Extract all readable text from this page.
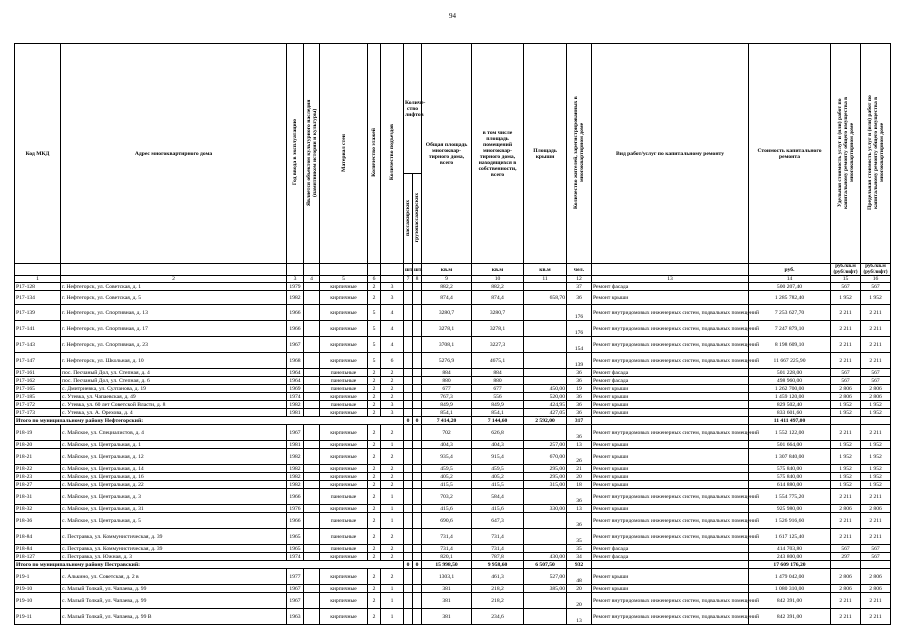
94
Код МКД	Адрес многоквартирного дома	Год ввода в эксплуатацию	Является объектом культурного наследия (памятником истории и культуры)	Материал стен	Количество этажей	Количество подъездов	Количе-ство лифтов		Общая площадь многоквар-тирного дома, всего	в том числе площадь помещений многоквар-тирного дома, находящихся в собственности, всего	Площадь крыши	Количество жителей, зарегистрированных в многоквартирном доме	Вид работ/услуг по капитальному ремонту	Стоимость капитального ремонта	Удельная стоимость услуг и (или) работ по капитальному ремонту общего имущества в многоквартирном доме	Предельная стоимость услуг и (или) работ по капитальному ремонту общего имущества в многоквартирном доме
							пассажирских	грузопассажирских								
							шт.	шт.	кв.м	кв.м	кв.м	чел.		руб.	руб./кв.м (руб/лифт)	руб./кв.м (руб/лифт)
1	2	3	4	5	6		7	8	9	10	11	12	13	14	15	16
Р17-128	г. Нефтегорск, ул. Советская, д. 1	1979		кирпичные	2	3			882,2	882,2		37	Ремонт фасада	500 207,40	567	567
Р17-134	г. Нефтегорск, ул. Советская, д. 5	1982		кирпичные	2	3			874,4	874,4	658,70	36	Ремонт крыши	1 285 782,40	1 952	1 952
Р17-139	г. Нефтегорск, ул. Спортивная, д. 13	1966		кирпичные	5	4			3280,7	3280,7		176	Ремонт внутридомовых инженерных систем, подвальных помещений	7 253 627,70	2 211	2 211
Р17-141	г. Нефтегорск, ул. Спортивная, д. 17	1966		кирпичные	5	4			3278,1	3278,1		176	Ремонт внутридомовых инженерных систем, подвальных помещений	7 247 879,10	2 211	2 211
Р17-143	г. Нефтегорск, ул. Спортивная, д. 23	1967		кирпичные	5	4			3708,1	3227,3		154	Ремонт внутридомовых инженерных систем, подвальных помещений	8 198 609,10	2 211	2 211
Р17-147	г. Нефтегорск, ул. Школьная, д. 10	1968		кирпичные	5	6			5276,9	4675,1		139	Ремонт внутридомовых инженерных систем, подвальных помещений	11 667 225,90	2 211	2 211
Р17-161	пос. Песчаный Дол, ул. Степная, д. 4	1964		панельные	2	2			884	884		36	Ремонт фасада	501 228,00	567	567
Р17-162	пос. Песчаный Дол, ул. Степная, д. 6	1964		панельные	2	2			880	880		36	Ремонт фасада	498 960,00	567	567
Р17-165	с. Дмитриевка, ул. Султанова, д. 19	1969		панельные	2	2			677	677	450,00	19	Ремонт крыши	1 262 700,00	2 806	2 806
Р17-185	с. Утевка, ул. Чапаевская, д. 49	1974		кирпичные	2	2			767,3	556	520,00	36	Ремонт крыши	1 459 120,00	2 806	2 806
Р17-172	с. Утевка, ул. 60 лет Советской Власти, д. 8	1982		панельные	2	3			849,9	849,9	424,95	36	Ремонт крыши	829 502,40	1 952	1 952
Р17-173	с. Утевка, ул. А. Орехова, д. 4	1981		кирпичные	2	3			854,1	854,1	427,05	36	Ремонт крыши	833 601,60	1 952	1 952
Итого по муниципальному району Нефтегорский:							0	0	7 414,20	7 144,60	2 592,00	317		11 411 497,00		
Р18-19	с. Майское, ул. Специалистов, д. 4	1967		кирпичные	2	2			702	626,8		36	Ремонт внутридомовых инженерных систем, подвальных помещений	1 552 122,00	2 211	2 211
Р18-20	с. Майское, ул. Центральная, д. 1	1981		кирпичные	2	1			404,3	404,3	257,00	13	Ремонт крыши	501 664,00	1 952	1 952
Р18-21	с. Майское, ул. Центральная, д. 12	1982		кирпичные	2	2			935,4	915,4	670,00	26	Ремонт крыши	1 307 840,00	1 952	1 952
Р18-22	с. Майское, ул. Центральная, д. 14	1982		кирпичные	2	2			459,5	459,5	295,00	21	Ремонт крыши	575 840,00	1 952	1 952
Р18-23	с. Майское, ул. Центральная, д. 16	1982		кирпичные	2	2			405,2	405,2	295,00	20	Ремонт крыши	575 840,00	1 952	1 952
Р18-27	с. Майское, ул. Центральная, д. 22	1982		кирпичные	2	2			415,5	415,5	315,00	18	Ремонт крыши	614 880,00	1 952	1 952
Р18-31	с. Майское, ул. Центральная, д. 3	1966		панельные	2	1			703,2	584,4		36	Ремонт внутридомовых инженерных систем, подвальных помещений	1 554 775,20	2 211	2 211
Р18-32	с. Майское, ул. Центральная, д. 31	1976		кирпичные	2	1			415,6	415,6	330,00	13	Ремонт крыши	925 980,00	2 806	2 806
Р18-36	с. Майское, ул. Центральная, д. 5	1966		панельные	2	1			690,6	647,3		36	Ремонт внутридомовых инженерных систем, подвальных помещений	1 526 916,60	2 211	2 211
Р18-84	с. Пестравка, ул. Коммунистическая, д. 39	1965		панельные	2	2			731,4	731,4		35	Ремонт внутридомовых инженерных систем, подвальных помещений	1 617 125,40	2 211	2 211
Р18-84	с. Пестравка, ул. Коммунистическая, д. 39	1965		панельные	2	2			731,4	731,4		35	Ремонт фасада	414 703,80	567	567
Р18-127	с. Пестравка, ул. Южная, д. 3	1974		кирпичные	2	2			820,1	787,8	430,00	34	Ремонт фасада	243 800,00	297	567
Итого по муниципальному району Пестравский:							0	0	15 998,50	9 958,60	6 507,50	932		17 609 176,20		
Р19-1	с. Алькино, ул. Советская, д. 2 в	1977		кирпичные	2	2			1303,1	461,3	527,00	48	Ремонт крыши	1 479 042,00	2 806	2 806
Р19-10	с. Малый Толкай, ул. Чапаева, д. 99	1967		кирпичные	2	1			381	218,2	385,00	20	Ремонт крыши	1 080 310,00	2 806	2 806
Р19-10	с. Малый Толкай, ул. Чапаева, д. 99	1967		кирпичные	2	1			381	218,2		20	Ремонт внутридомовых инженерных систем, подвальных помещений	842 391,00	2 211	2 211
Р19-11	с. Малый Толкай, ул. Чапаева, д. 99 В	1963		кирпичные	2	1			381	234,6		13	Ремонт внутридомовых инженерных систем, подвальных помещений	842 391,00	2 211	2 211
